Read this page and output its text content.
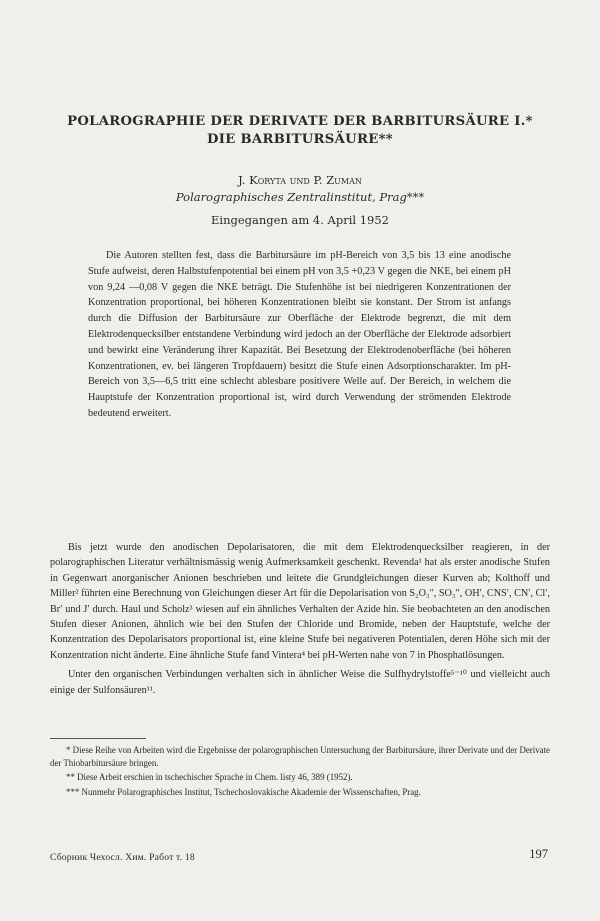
POLAROGRAPHIE DER DERIVATE DER BARBITURSÄURE I.*
DIE BARBITURSÄURE**

J. Koryta und P. Zuman

Polarographisches Zentralinstitut, Prag***

Eingegangen am 4. April 1952

Die Autoren stellten fest, dass die Barbitursäure im pH-Bereich von 3,5 bis 13 eine anodische Stufe aufweist, deren Halbstufenpotential bei einem pH von 3,5 +0,23 V gegen die NKE, bei einem pH von 9,24 —0,08 V gegen die NKE beträgt. Die Stufenhöhe ist bei niedrigeren Konzentrationen der Konzentration proportional, bei höheren Konzentrationen bleibt sie konstant. Der Strom ist anfangs durch die Diffusion der Barbitursäure zur Oberfläche der Elektrode begrenzt, die mit dem Elektrodenquecksilber entstandene Verbindung wird jedoch an der Oberfläche der Elektrode adsorbiert und bewirkt eine Veränderung ihrer Kapazität. Bei Besetzung der Elektrodenoberfläche (bei höheren Konzentrationen, ev. bei längeren Tropfdauern) besitzt die Stufe einen Adsorptionscharakter. Im pH-Bereich von 3,5—6,5 tritt eine schlecht ablesbare positivere Welle auf. Der Bereich, in welchem die Hauptstufe der Konzentration proportional ist, wird durch Verwendung der strömenden Elektrode bedeutend erweitert.

Bis jetzt wurde den anodischen Depolarisatoren, die mit dem Elektrodenquecksilber reagieren, in der polarographischen Literatur verhältnismässig wenig Aufmerksamkeit geschenkt. Revenda¹ hat als erster anodische Stufen in Gegenwart anorganischer Anionen beschrieben und leitete die Grundgleichungen dieser Kurven ab; Kolthoff und Miller² führten eine Berechnung von Gleichungen dieser Art für die Depolarisation von S₂O₃″, SO₃″, OH′, CNS′, CN′, Cl′, Br′ und J′ durch. Haul und Scholz³ wiesen auf ein ähnliches Verhalten der Azide hin. Sie beobachteten an den anodischen Stufen dieser Anionen, ähnlich wie bei den Stufen der Chloride und Bromide, neben der Hauptstufe, welche der Konzentration des Depolarisators proportional ist, eine kleine Stufe bei negativeren Potentialen, deren Höhe sich mit der Konzentration nicht änderte. Eine ähnliche Stufe fand Vintera⁴ bei pH-Werten nahe von 7 in Phosphatlösungen.

Unter den organischen Verbindungen verhalten sich in ähnlicher Weise die Sulfhydrylstoffe⁵⁻¹⁰ und vielleicht auch einige der Sulfonsäuren¹¹.

* Diese Reihe von Arbeiten wird die Ergebnisse der polarographischen Untersuchung der Barbitursäure, ihrer Derivate und der Derivate der Thiobarbitursäure bringen.

** Diese Arbeit erschien in tschechischer Sprache in Chem. listy 46, 389 (1952).

*** Nunmehr Polarographisches Institut, Tschechoslovakische Akademie der Wissenschaften, Prag.

Сборник Чехосл. Хим. Работ т. 18	197
